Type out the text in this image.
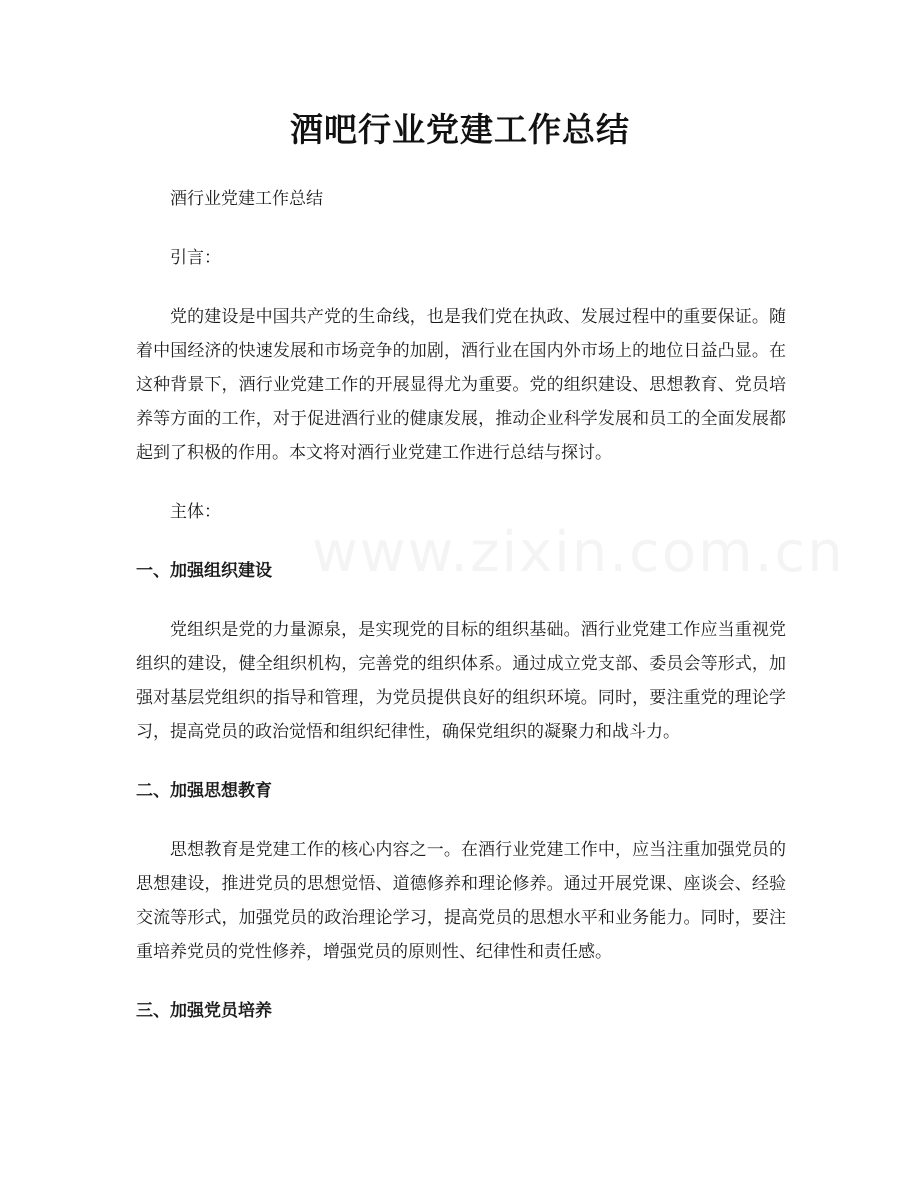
酒吧行业党建工作总结

酒行业党建工作总结

引言：

党的建设是中国共产党的生命线，也是我们党在执政、发展过程中的重要保证。随着中国经济的快速发展和市场竞争的加剧，酒行业在国内外市场上的地位日益凸显。在这种背景下，酒行业党建工作的开展显得尤为重要。党的组织建设、思想教育、党员培养等方面的工作，对于促进酒行业的健康发展，推动企业科学发展和员工的全面发展都起到了积极的作用。本文将对酒行业党建工作进行总结与探讨。

主体：

一、加强组织建设

党组织是党的力量源泉，是实现党的目标的组织基础。酒行业党建工作应当重视党组织的建设，健全组织机构，完善党的组织体系。通过成立党支部、委员会等形式，加强对基层党组织的指导和管理，为党员提供良好的组织环境。同时，要注重党的理论学习，提高党员的政治觉悟和组织纪律性，确保党组织的凝聚力和战斗力。

二、加强思想教育

思想教育是党建工作的核心内容之一。在酒行业党建工作中，应当注重加强党员的思想建设，推进党员的思想觉悟、道德修养和理论修养。通过开展党课、座谈会、经验交流等形式，加强党员的政治理论学习，提高党员的思想水平和业务能力。同时，要注重培养党员的党性修养，增强党员的原则性、纪律性和责任感。

三、加强党员培养
